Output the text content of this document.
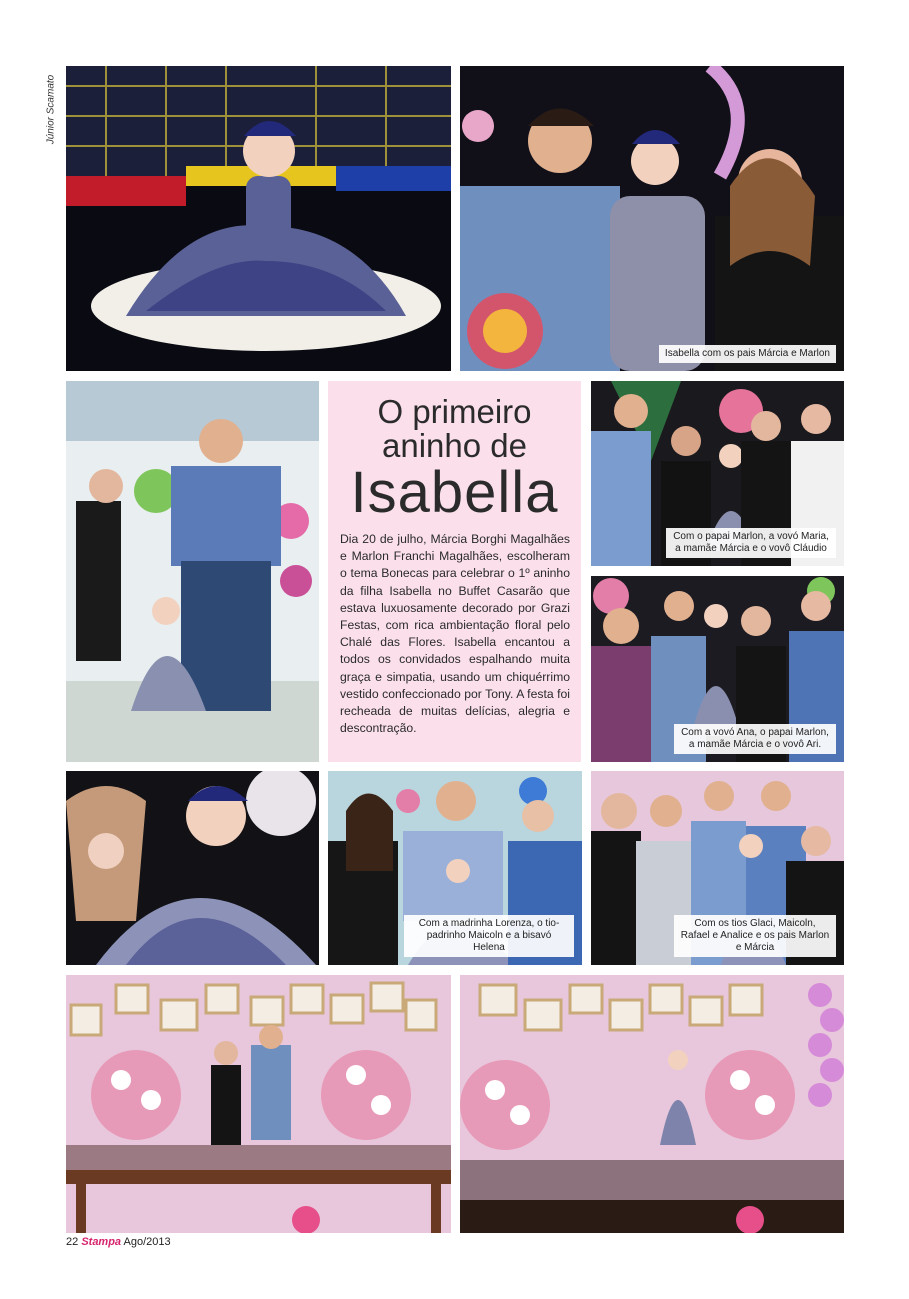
Júnior Scamato
Isabella com os pais Márcia e Marlon
O primeiro
aninho de
Isabella
Dia 20 de julho, Márcia Borghi Magalhães e Marlon Franchi Magalhães, escolheram o tema Bonecas para celebrar o 1º aninho da filha Isabella no Buffet Casarão que estava luxuosamente decorado por Grazi Festas, com rica ambientação floral pelo Chalé das Flores. Isabella encantou a todos os convidados espalhando muita graça e simpatia, usando um chiquérrimo vestido confeccionado por Tony. A festa foi recheada de muitas delícias, alegria e descontração.
Com o papai Marlon, a vovó Maria, a mamãe Márcia e o vovô Cláudio
Com a vovó Ana, o papai Marlon, a mamãe Márcia e o vovô Ari.
Com a madrinha Lorenza, o tio-padrinho Maicoln e a bisavó Helena
Com os tios Glaci, Maicoln, Rafael e Analice e os pais Marlon e Márcia
22 Stampa Ago/2013
